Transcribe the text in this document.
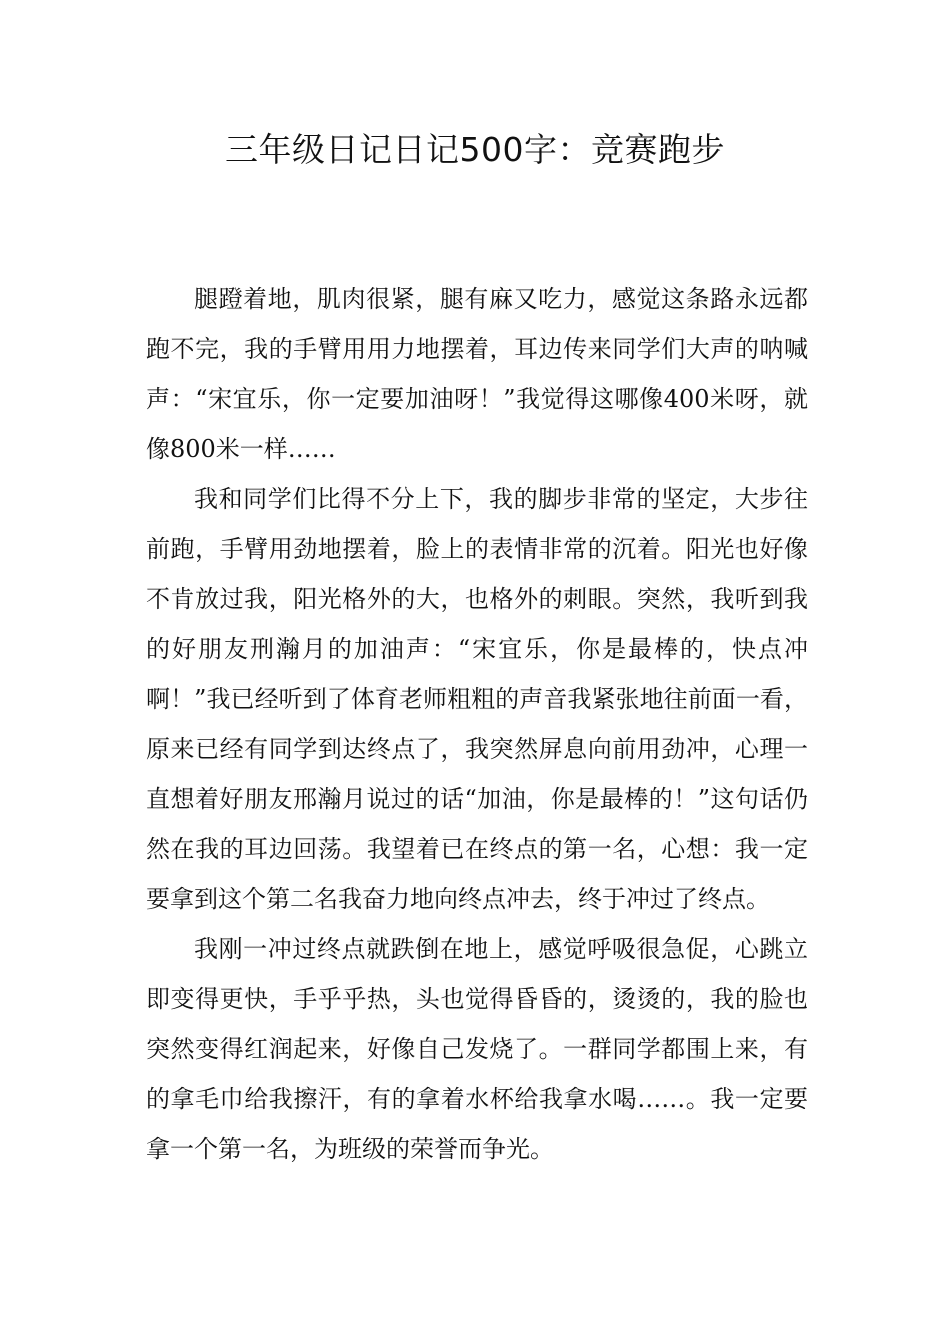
三年级日记日记500字：竞赛跑步

腿蹬着地，肌肉很紧，腿有麻又吃力，感觉这条路永远都跑不完，我的手臂用用力地摆着，耳边传来同学们大声的呐喊声：“宋宜乐，你一定要加油呀！”我觉得这哪像400米呀，就像800米一样……

我和同学们比得不分上下，我的脚步非常的坚定，大步往前跑，手臂用劲地摆着，脸上的表情非常的沉着。阳光也好像不肯放过我，阳光格外的大，也格外的刺眼。突然，我听到我的好朋友刑瀚月的加油声：“宋宜乐，你是最棒的，快点冲啊！”我已经听到了体育老师粗粗的声音我紧张地往前面一看，原来已经有同学到达终点了，我突然屏息向前用劲冲，心理一直想着好朋友邢瀚月说过的话“加油，你是最棒的！”这句话仍然在我的耳边回荡。我望着已在终点的第一名，心想：我一定要拿到这个第二名我奋力地向终点冲去，终于冲过了终点。

我刚一冲过终点就跌倒在地上，感觉呼吸很急促，心跳立即变得更快，手乎乎热，头也觉得昏昏的，烫烫的，我的脸也突然变得红润起来，好像自己发烧了。一群同学都围上来，有的拿毛巾给我擦汗，有的拿着水杯给我拿水喝……。我一定要拿一个第一名，为班级的荣誉而争光。
